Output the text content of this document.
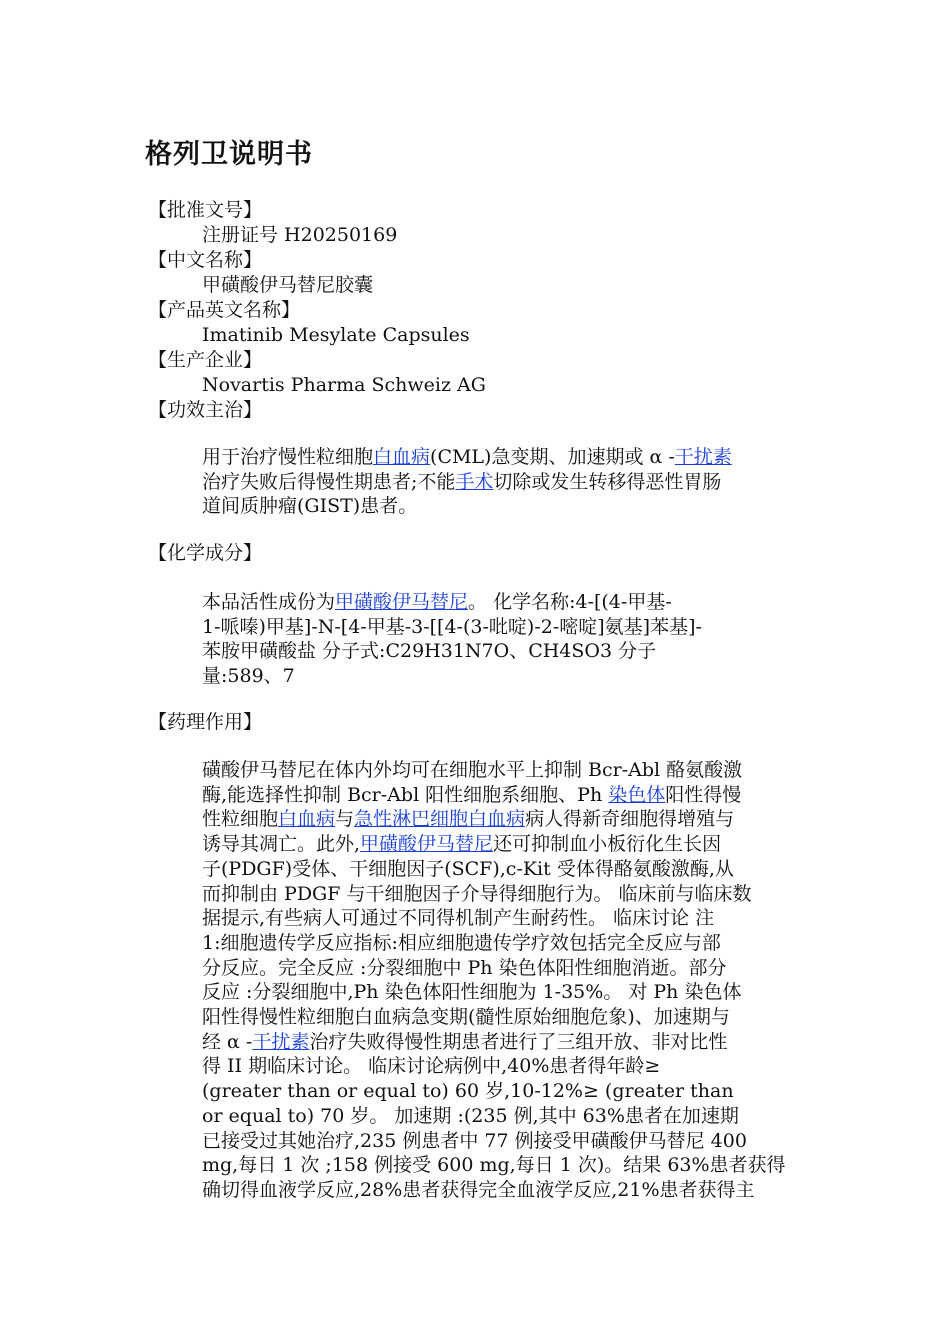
格列卫说明书
【批准文号】
注册证号 H20250169
【中文名称】
甲磺酸伊马替尼胶囊
【产品英文名称】
Imatinib Mesylate Capsules
【生产企业】
Novartis Pharma Schweiz AG
【功效主治】
用于治疗慢性粒细胞白血病(CML)急变期、加速期或 α -干扰素
治疗失败后得慢性期患者;不能手术切除或发生转移得恶性胃肠
道间质肿瘤(GIST)患者。
【化学成分】
本品活性成份为甲磺酸伊马替尼。 化学名称:4-[(4-甲基-
1-哌嗪)甲基]-N-[4-甲基-3-[[4-(3-吡啶)-2-嘧啶]氨基]苯基]-
苯胺甲磺酸盐 分子式:C29H31N7O、CH4SO3 分子
量:589、7
【药理作用】
磺酸伊马替尼在体内外均可在细胞水平上抑制 Bcr-Abl 酪氨酸激
酶,能选择性抑制 Bcr-Abl 阳性细胞系细胞、Ph 染色体阳性得慢
性粒细胞白血病与急性淋巴细胞白血病病人得新奇细胞得增殖与
诱导其凋亡。此外,甲磺酸伊马替尼还可抑制血小板衍化生长因
子(PDGF)受体、干细胞因子(SCF),c-Kit 受体得酪氨酸激酶,从
而抑制由 PDGF 与干细胞因子介导得细胞行为。 临床前与临床数
据提示,有些病人可通过不同得机制产生耐药性。 临床讨论 注
1:细胞遗传学反应指标:相应细胞遗传学疗效包括完全反应与部
分反应。完全反应 :分裂细胞中 Ph 染色体阳性细胞消逝。部分
反应 :分裂细胞中,Ph 染色体阳性细胞为 1-35%。 对 Ph 染色体
阳性得慢性粒细胞白血病急变期(髓性原始细胞危象)、加速期与
经 α -干扰素治疗失败得慢性期患者进行了三组开放、非对比性
得 II 期临床讨论。 临床讨论病例中,40%患者得年龄≥
(greater than or equal to) 60 岁,10-12%≥ (greater than
or equal to) 70 岁。 加速期 :(235 例,其中 63%患者在加速期
已接受过其她治疗,235 例患者中 77 例接受甲磺酸伊马替尼 400
mg,每日 1 次 ;158 例接受 600 mg,每日 1 次)。结果 63%患者获得
确切得血液学反应,28%患者获得完全血液学反应,21%患者获得主
